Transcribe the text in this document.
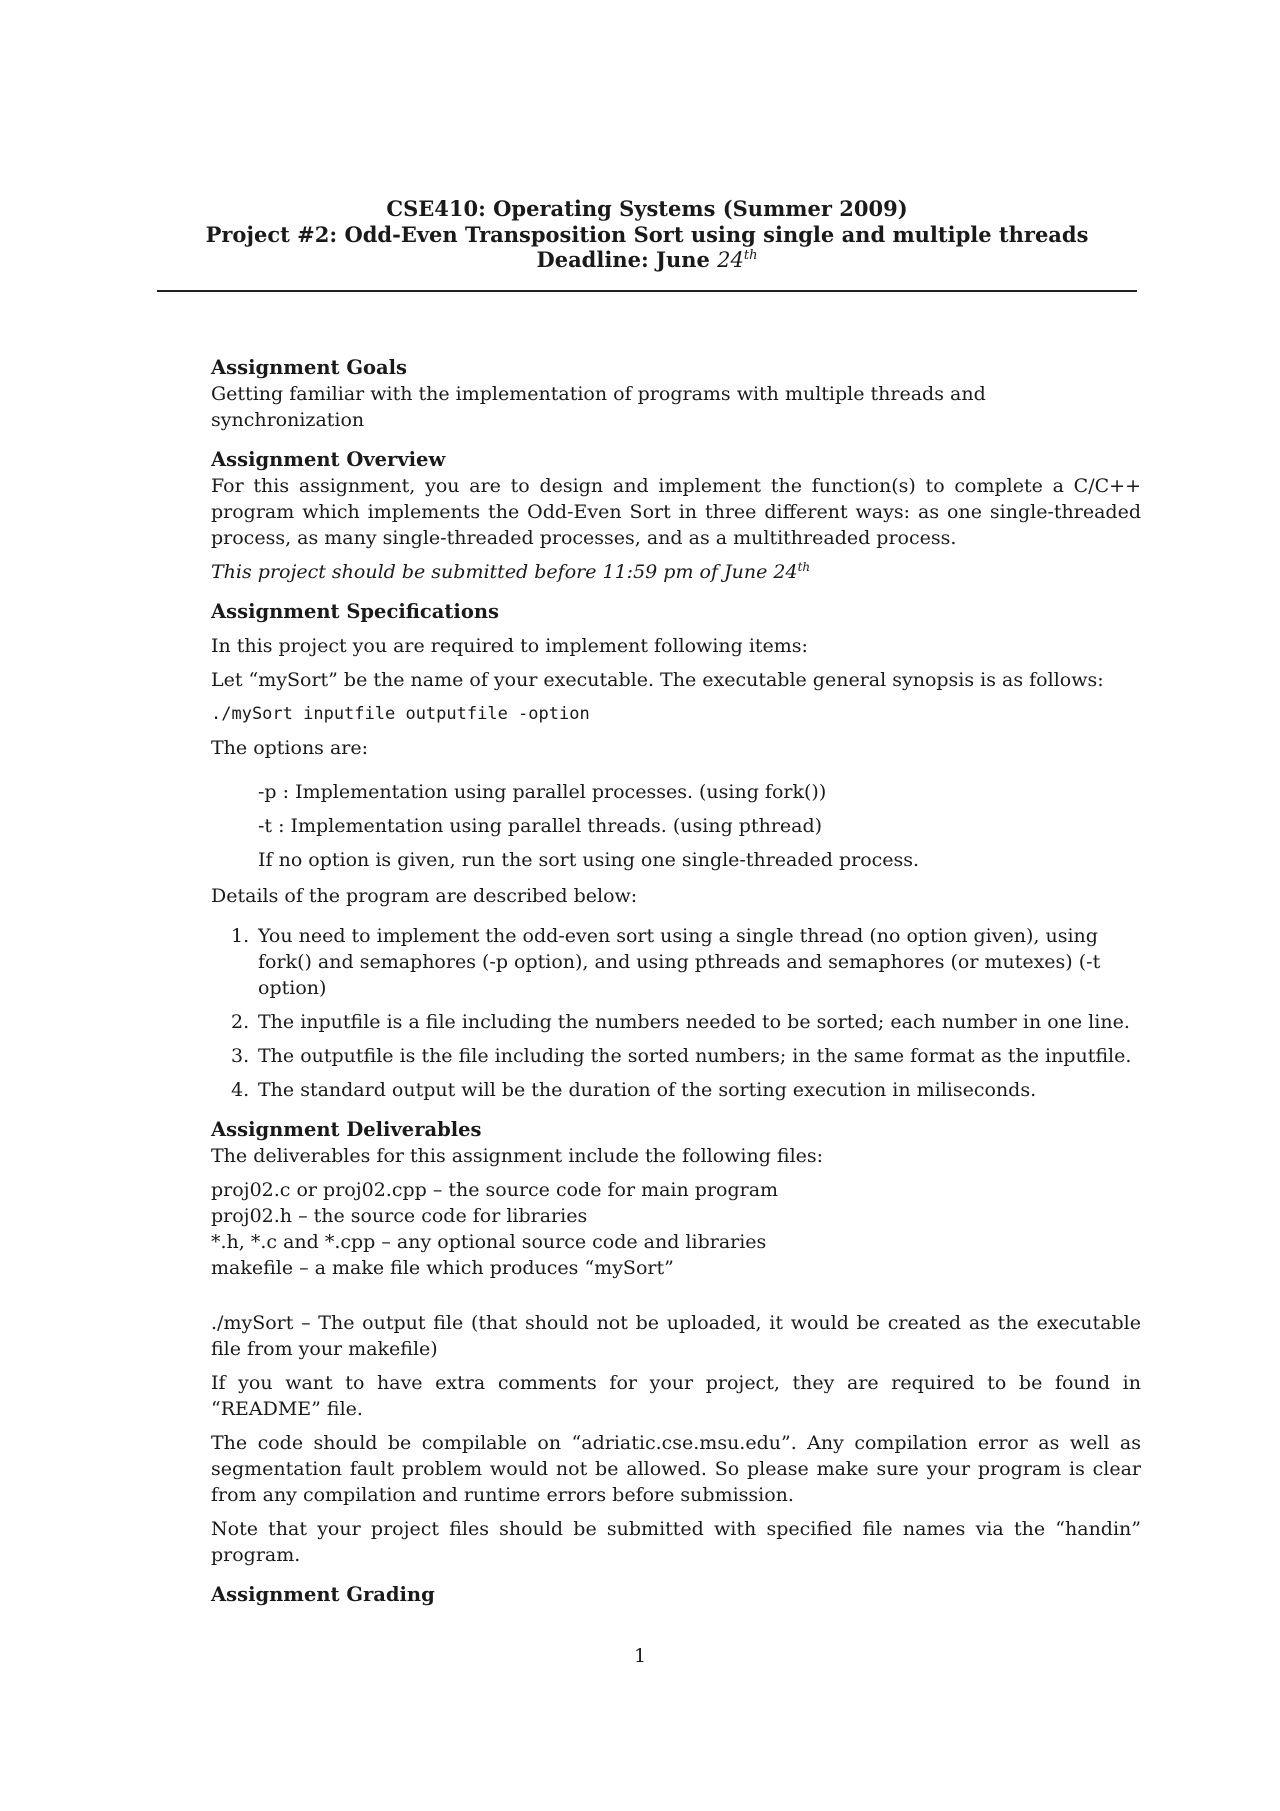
CSE410: Operating Systems (Summer 2009)
Project #2: Odd-Even Transposition Sort using single and multiple threads
Deadline: June 24th
Assignment Goals

Getting familiar with the implementation of programs with multiple threads and synchronization

Assignment Overview

For this assignment, you are to design and implement the function(s) to complete a C/C++ program which implements the Odd-Even Sort in three different ways: as one single-threaded process, as many single-threaded processes, and as a multithreaded process.

This project should be submitted before 11:59 pm of June 24th

Assignment Specifications

In this project you are required to implement following items:

Let “mySort” be the name of your executable. The executable general synopsis is as follows:

./mySort inputfile outputfile -option

The options are:

-p : Implementation using parallel processes. (using fork())
-t : Implementation using parallel threads. (using pthread)
If no option is given, run the sort using one single-threaded process.

Details of the program are described below:

1. You need to implement the odd-even sort using a single thread (no option given), using fork() and semaphores (-p option), and using pthreads and semaphores (or mutexes) (-t option)
2. The inputfile is a file including the numbers needed to be sorted; each number in one line.
3. The outputfile is the file including the sorted numbers; in the same format as the inputfile.
4. The standard output will be the duration of the sorting execution in miliseconds.
Assignment Deliverables

The deliverables for this assignment include the following files:

proj02.c or proj02.cpp – the source code for main program
proj02.h – the source code for libraries
*.h, *.c and *.cpp – any optional source code and libraries
makefile – a make file which produces “mySort”

./mySort – The output file (that should not be uploaded, it would be created as the executable file from your makefile)

If you want to have extra comments for your project, they are required to be found in “README” file.

The code should be compilable on “adriatic.cse.msu.edu”. Any compilation error as well as segmentation fault problem would not be allowed. So please make sure your program is clear from any compilation and runtime errors before submission.

Note that your project files should be submitted with specified file names via the “handin” program.

Assignment Grading
1
